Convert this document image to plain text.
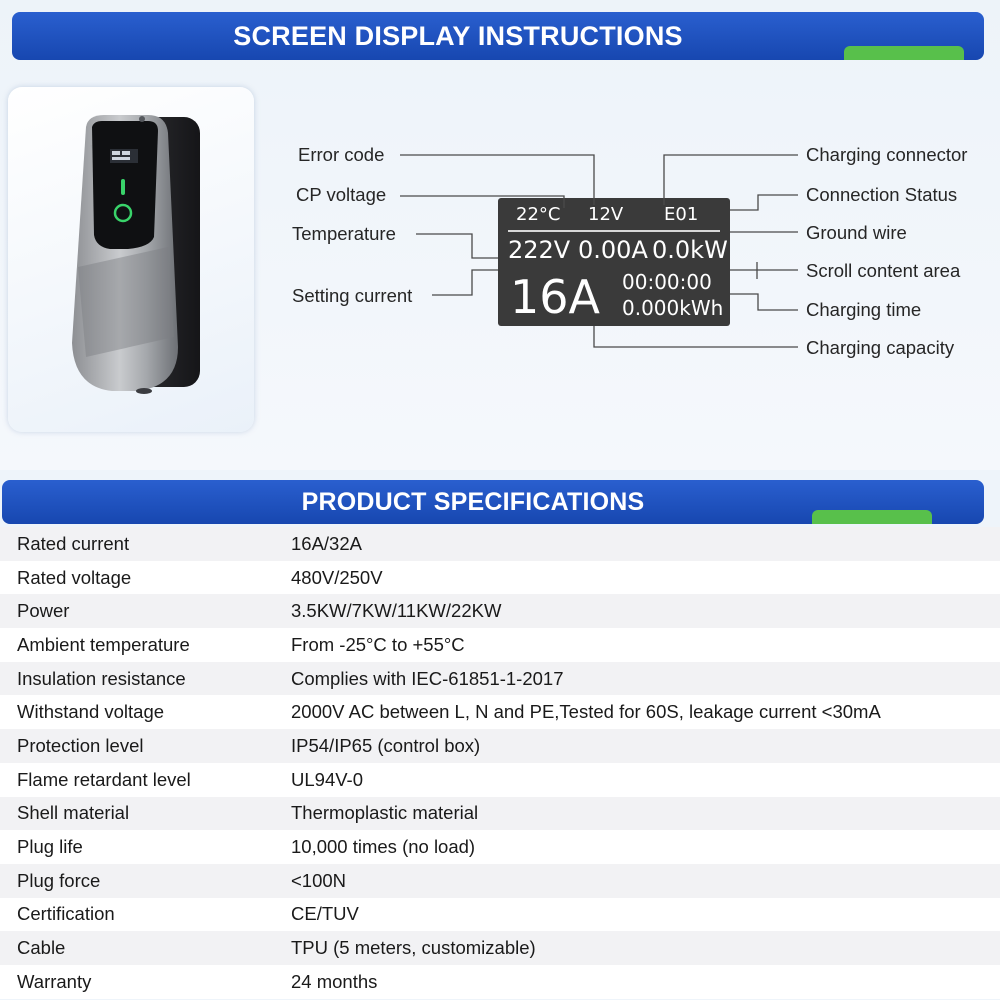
SCREEN DISPLAY INSTRUCTIONS
22°C 12V E01
222V 0.00A 0.0kW
16A 00:00:00
0.000kWh
Error code
CP voltage
Temperature
Setting current
Charging connector
Connection Status
Ground wire
Scroll content area
Charging time
Charging capacity
PRODUCT SPECIFICATIONS
Rated current	16A/32A
Rated voltage	480V/250V
Power	3.5KW/7KW/11KW/22KW
Ambient temperature	From -25°C to +55°C
Insulation resistance	Complies with IEC-61851-1-2017
Withstand voltage	2000V AC between L, N and PE,Tested for 60S, leakage current <30mA
Protection level	IP54/IP65 (control box)
Flame retardant level	UL94V-0
Shell material	Thermoplastic material
Plug life	10,000 times (no load)
Plug force	<100N
Certification	CE/TUV
Cable	TPU (5 meters, customizable)
Warranty	24 months
